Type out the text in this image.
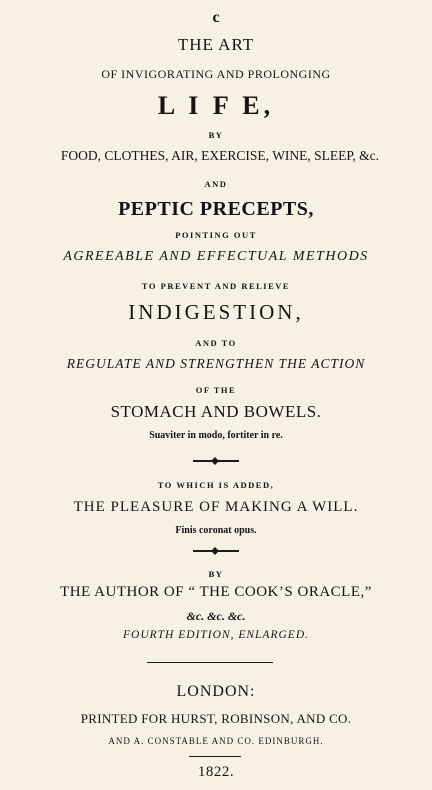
c
THE ART
OF INVIGORATING AND PROLONGING
L I F E,
BY
FOOD, CLOTHES, AIR, EXERCISE, WINE, SLEEP, &c.
AND
PEPTIC PRECEPTS,
POINTING OUT
AGREEABLE AND EFFECTUAL METHODS
TO PREVENT AND RELIEVE
INDIGESTION,
AND TO
REGULATE AND STRENGTHEN THE ACTION
OF THE
STOMACH AND BOWELS.
Suaviter in modo, fortiter in re.
TO WHICH IS ADDED,
THE PLEASURE OF MAKING A WILL.
Finis coronat opus.
BY
THE AUTHOR OF “ THE COOK’S ORACLE,”
&c. &c. &c.
FOURTH EDITION, ENLARGED.
LONDON:
PRINTED FOR HURST, ROBINSON, AND CO.
AND A. CONSTABLE AND CO. EDINBURGH.
1822.
